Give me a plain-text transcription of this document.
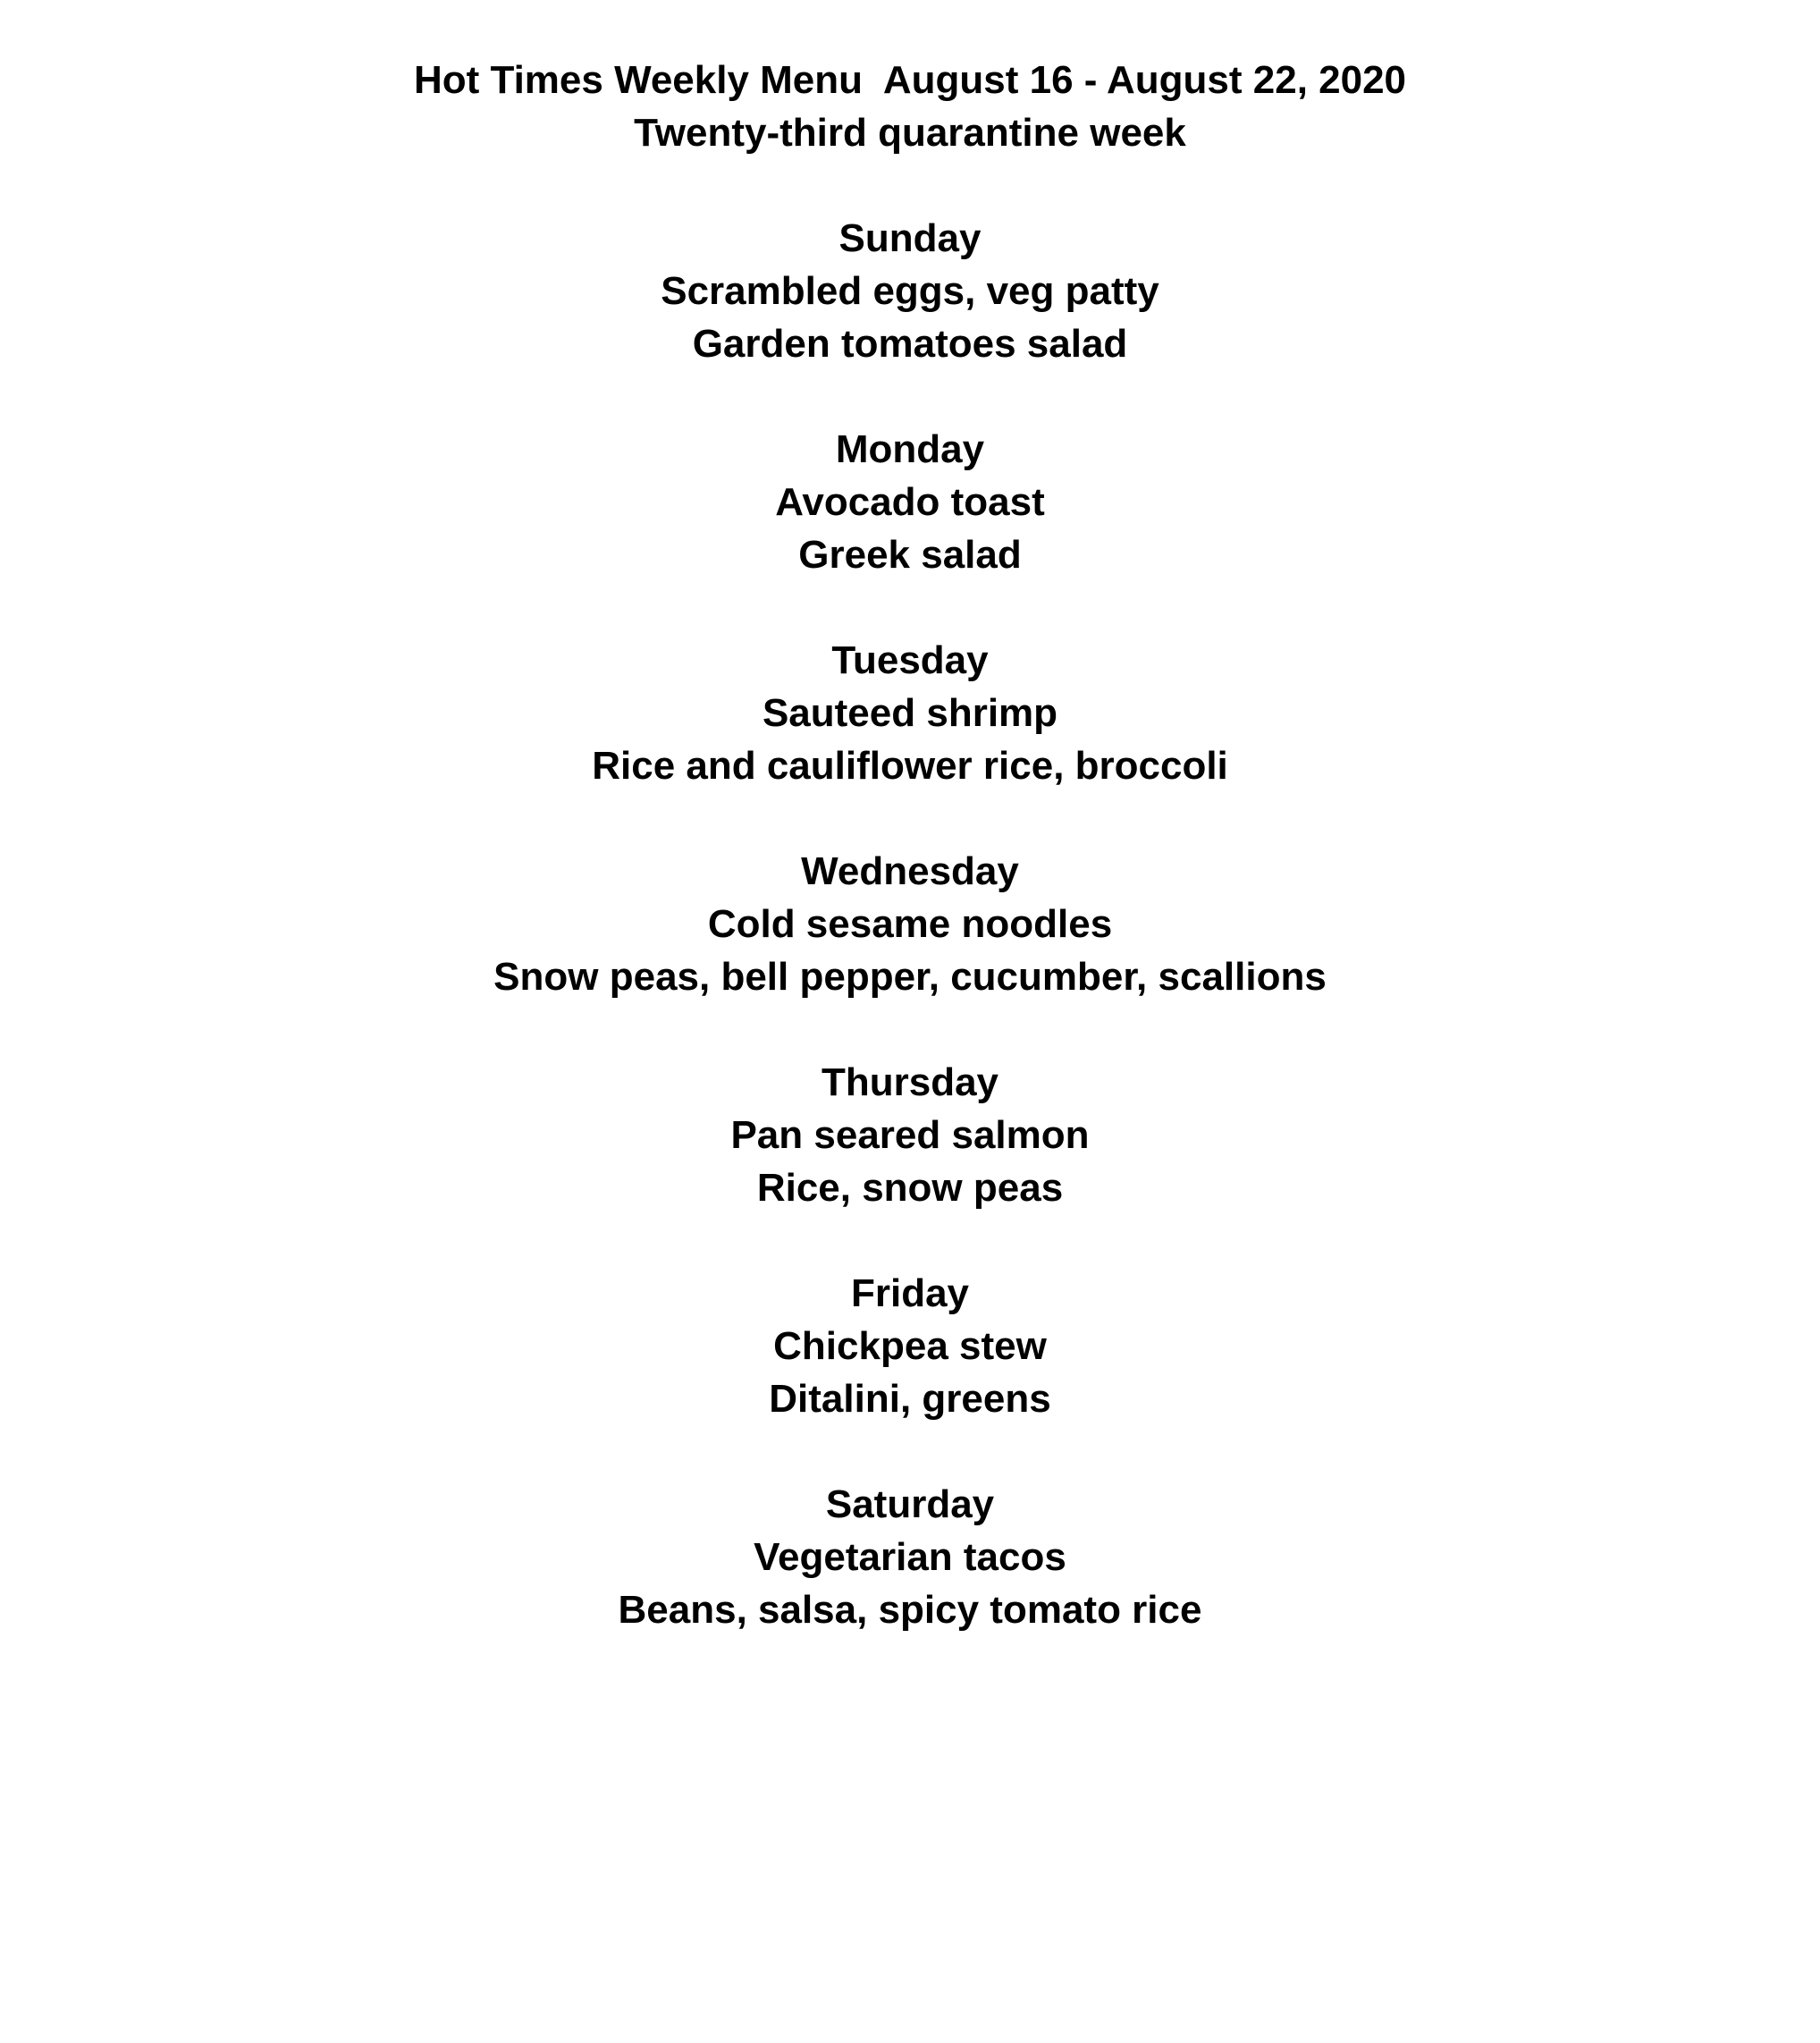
Hot Times Weekly Menu  August 16 - August 22, 2020
Twenty-third quarantine week
Sunday
Scrambled eggs, veg patty
Garden tomatoes salad
Monday
Avocado toast
Greek salad
Tuesday
Sauteed shrimp
Rice and cauliflower rice, broccoli
Wednesday
Cold sesame noodles
Snow peas, bell pepper, cucumber, scallions
Thursday
Pan seared salmon
Rice, snow peas
Friday
Chickpea stew
Ditalini, greens
Saturday
Vegetarian tacos
Beans, salsa, spicy tomato rice
